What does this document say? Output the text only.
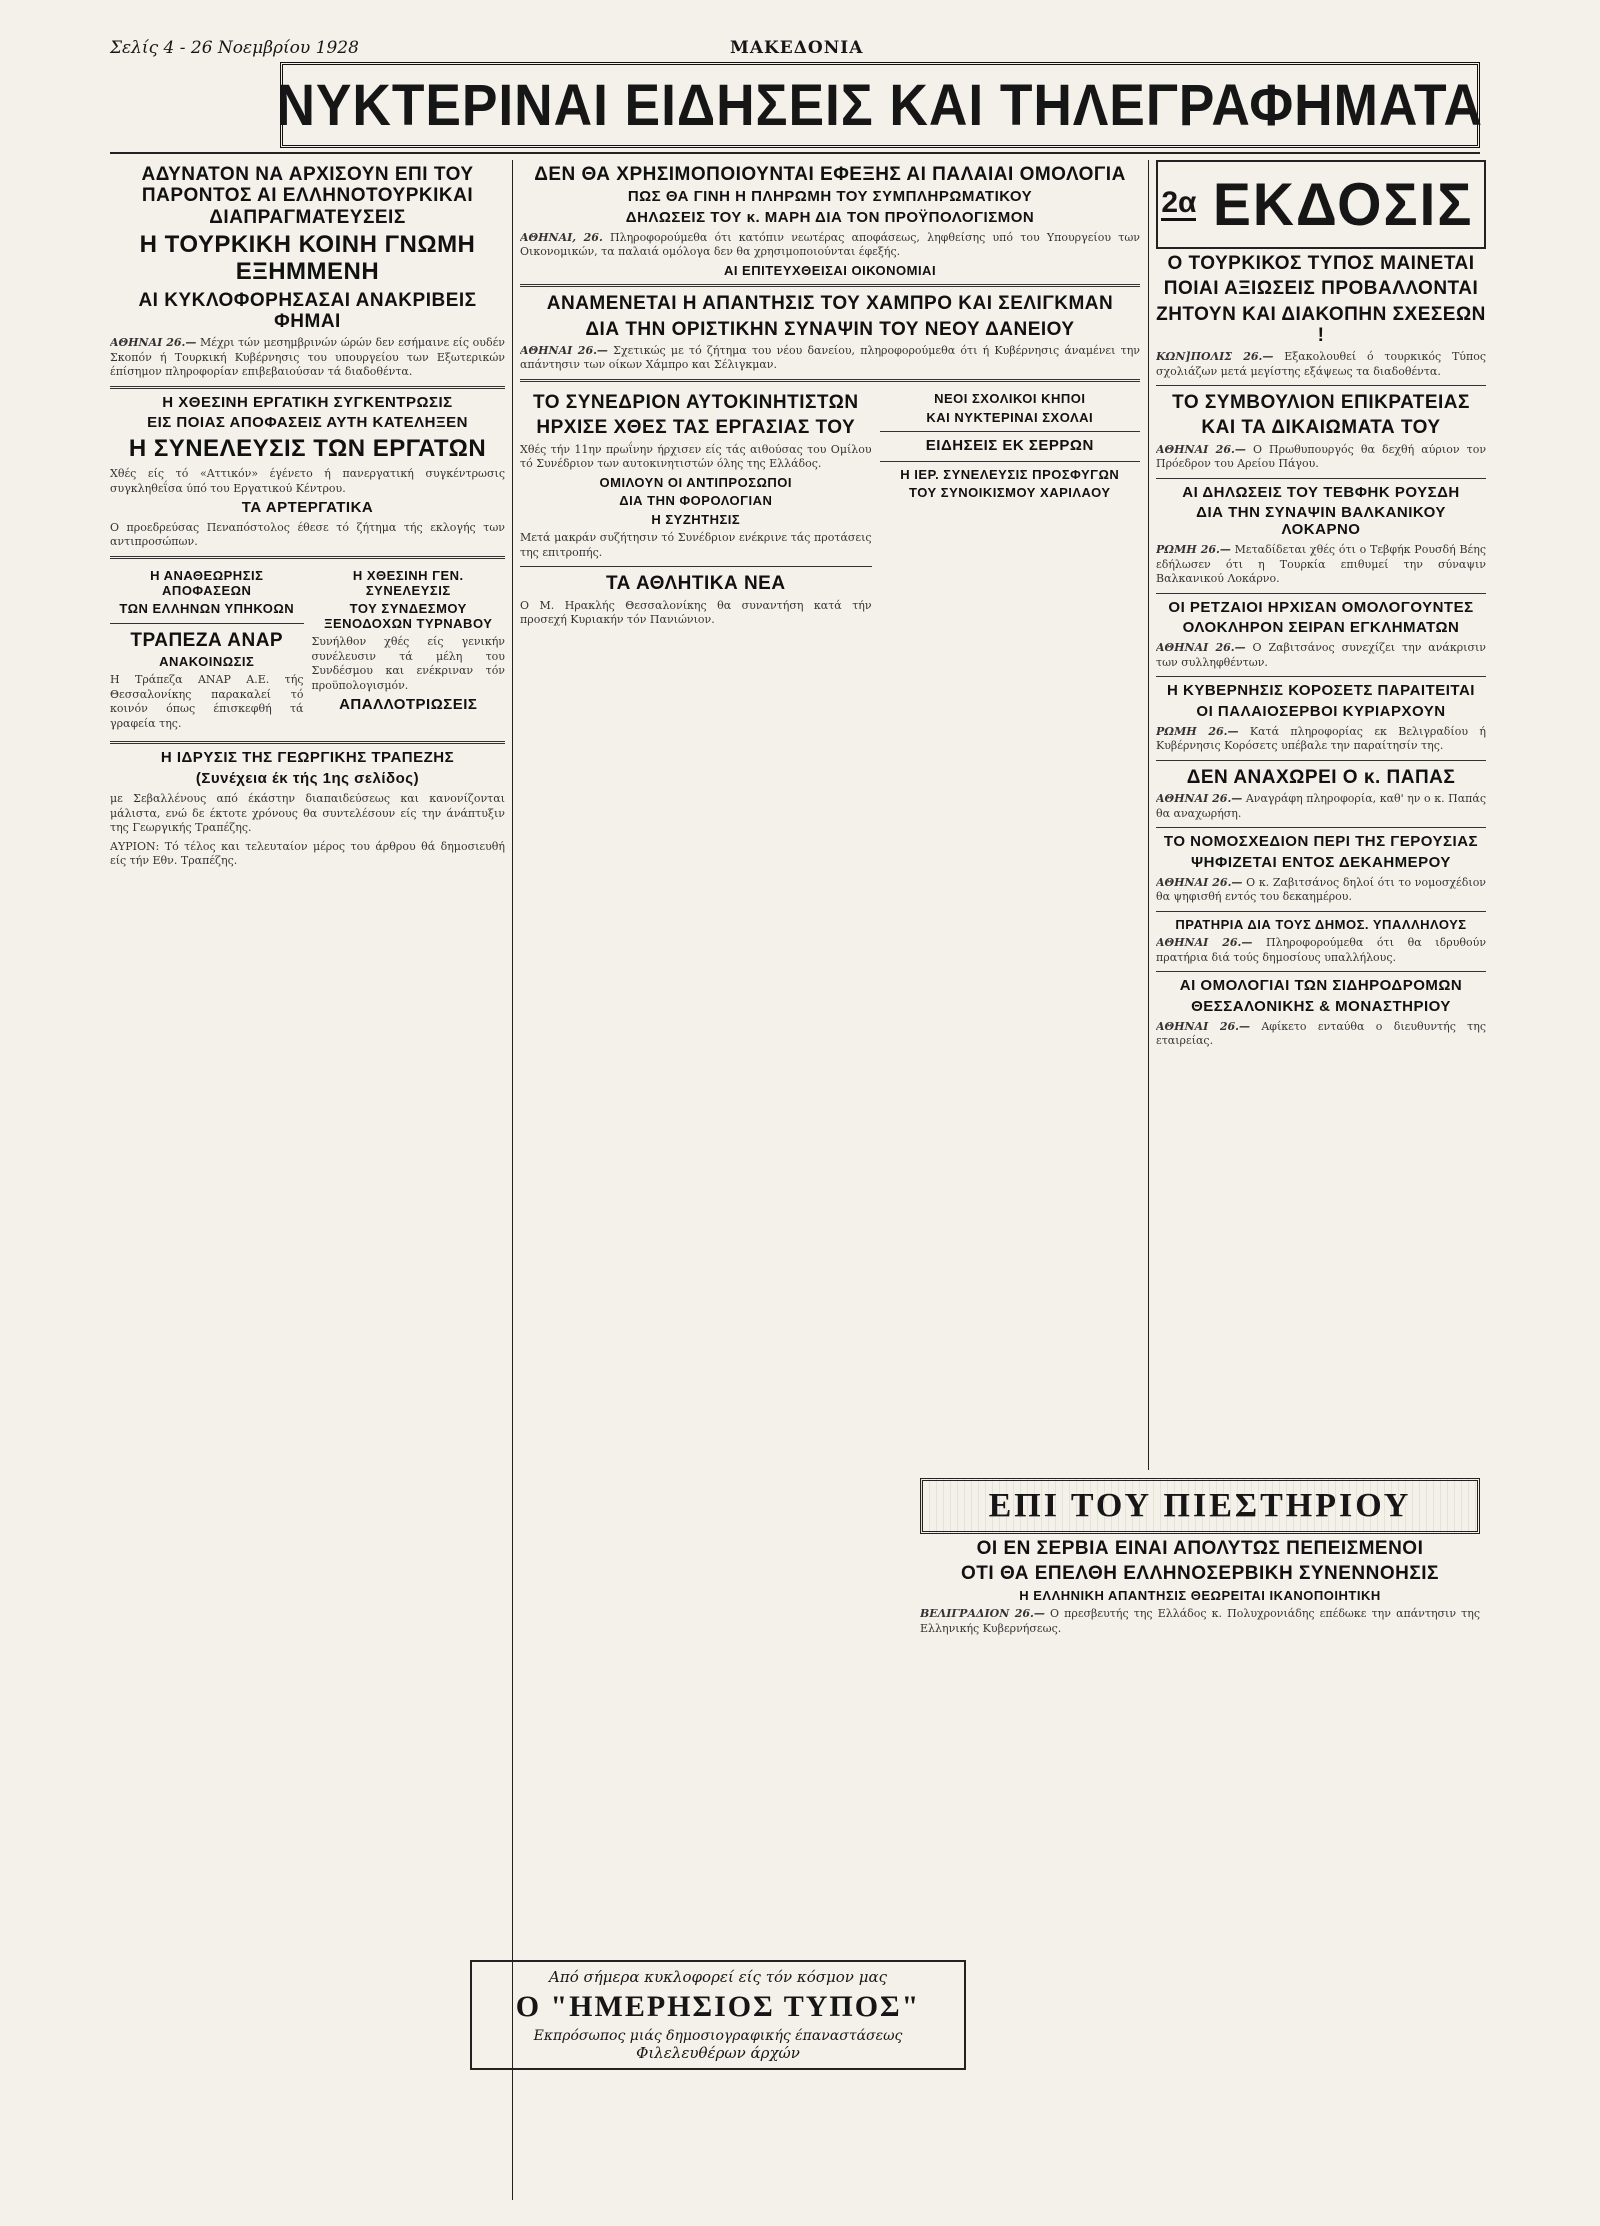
Σελίς 4 - 26 Νοεμβρίου 1928	ΜΑΚΕΔΟΝΙΑ
ΝΥΚΤΕΡΙΝΑΙ ΕΙΔΗΣΕΙΣ ΚΑΙ ΤΗΛΕΓΡΑΦΗΜΑΤΑ
ΑΔΥΝΑΤΟΝ ΝΑ ΑΡΧΙΣΟΥΝ ΕΠΙ ΤΟΥ ΠΑΡΟΝΤΟΣ ΑΙ ΕΛΛΗΝΟΤΟΥΡΚΙΚΑΙ ΔΙΑΠΡΑΓΜΑΤΕΥΣΕΙΣ
Η ΤΟΥΡΚΙΚΗ ΚΟΙΝΗ ΓΝΩΜΗ ΕΞΗΜΜΕΝΗ
ΑΙ ΚΥΚΛΟΦΟΡΗΣΑΣΑΙ ΑΝΑΚΡΙΒΕΙΣ ΦΗΜΑΙ

ΑΘΗΝΑΙ 26.— Μέχρι τών μεσημβρινών ώρών δεν εσήμαινε είς ουδέν Σκοπόν ή Τουρκική Κυβέρνησις του υπουργείου των Εξωτερικών έπίσημον πληροφορίαν επιβεβαιούσαν τά διαδοθέντα.

Η ΧΘΕΣΙΝΗ ΕΡΓΑΤΙΚΗ ΣΥΓΚΕΝΤΡΩΣΙΣ
ΕΙΣ ΠΟΙΑΣ ΑΠΟΦΑΣΕΙΣ ΑΥΤΗ ΚΑΤΕΛΗΞΕΝ
Η ΣΥΝΕΛΕΥΣΙΣ ΤΩΝ ΕΡΓΑΤΩΝ

Χθές είς τό «Αττικόν» έγένετο ή πανεργατική συγκέντρωσις συγκληθεΐσα ύπό του Εργατικού Κέντρου.

ΤΑ ΑΡΤΕΡΓΑΤΙΚΑ

Ο προεδρεύσας Πεναπόστολος έθεσε τό ζήτημα τής εκλογής των αντιπροσώπων.

Η ΑΝΑΘΕΩΡΗΣΙΣ ΑΠΟΦΑΣΕΩΝ
ΤΩΝ ΕΛΛΗΝΩΝ ΥΠΗΚΟΩΝ
ΤΡΑΠΕΖΑ ΑΝΑΡ
ΑΝΑΚΟΙΝΩΣΙΣ

Η Τράπεζα ΑΝΑΡ Α.Ε. τής Θεσσαλονίκης παρακαλεί τό κοινόν όπως έπισκεφθή τά γραφεία της.

Η ΧΘΕΣΙΝΗ ΓΕΝ. ΣΥΝΕΛΕΥΣΙΣ
ΤΟΥ ΣΥΝΔΕΣΜΟΥ ΞΕΝΟΔΟΧΩΝ ΤΥΡΝΑΒΟΥ

Συνήλθον χθές είς γενικήν συνέλευσιν τά μέλη του Συνδέσμου και ενέκριναν τόν προϋπολογισμόν.

ΑΠΑΛΛΟΤΡΙΩΣΕΙΣ
Η ΙΔΡΥΣΙΣ ΤΗΣ ΓΕΩΡΓΙΚΗΣ ΤΡΑΠΕΖΗΣ
(Συνέχεια έκ τής 1ης σελίδος)

με Σεβαλλένους από έκάστην διαπαιδεύσεως και κανονίζονται μάλιστα, ενώ δε έκτοτε χρόνους θα συντελέσουν είς την άνάπτυξιν της Γεωργικής Τραπέζης.

ΑΥΡΙΟΝ: Τό τέλος και τελευταίον μέρος του άρθρου θά δημοσιευθή είς τήν Εθν. Τραπέζης.

ΔΕΝ ΘΑ ΧΡΗΣΙΜΟΠΟΙΟΥΝΤΑΙ ΕΦΕΞΗΣ ΑΙ ΠΑΛΑΙΑΙ ΟΜΟΛΟΓΙΑ
ΠΩΣ ΘΑ ΓΙΝΗ Η ΠΛΗΡΩΜΗ ΤΟΥ ΣΥΜΠΛΗΡΩΜΑΤΙΚΟΥ
ΔΗΛΩΣΕΙΣ ΤΟΥ κ. ΜΑΡΗ ΔΙΑ ΤΟΝ ΠΡΟΫΠΟΛΟΓΙΣΜΟΝ

ΑΘΗΝΑΙ, 26. Πληροφορούμεθα ότι κατόπιν νεωτέρας αποφάσεως, ληφθείσης υπό του Υπουργείου των Οικονομικών, τα παλαιά ομόλογα δεν θα χρησιμοποιούνται έφεξής.

ΑΙ ΕΠΙΤΕΥΧΘΕΙΣΑΙ ΟΙΚΟΝΟΜΙΑΙ
ΑΝΑΜΕΝΕΤΑΙ Η ΑΠΑΝΤΗΣΙΣ ΤΟΥ ΧΑΜΠΡΟ ΚΑΙ ΣΕΛΙΓΚΜΑΝ
ΔΙΑ ΤΗΝ ΟΡΙΣΤΙΚΗΝ ΣΥΝΑΨΙΝ ΤΟΥ ΝΕΟΥ ΔΑΝΕΙΟΥ

ΑΘΗΝΑΙ 26.— Σχετικώς με τό ζήτημα του νέου δανείου, πληροφορούμεθα ότι ή Κυβέρνησις άναμένει την απάντησιν των οίκων Χάμπρο και Σέλιγκμαν.

ΤΟ ΣΥΝΕΔΡΙΟΝ ΑΥΤΟΚΙΝΗΤΙΣΤΩΝ
ΗΡΧΙΣΕ ΧΘΕΣ ΤΑΣ ΕΡΓΑΣΙΑΣ ΤΟΥ

Χθές τήν 11ην πρωΐνην ήρχισεν είς τάς αιθούσας του Ομίλου τό Συνέδριον των αυτοκινητιστών όλης της Ελλάδος.

ΟΜΙΛΟΥΝ ΟΙ ΑΝΤΙΠΡΟΣΩΠΟΙ
ΔΙΑ ΤΗΝ ΦΟΡΟΛΟΓΙΑΝ
Η ΣΥΖΗΤΗΣΙΣ

Μετά μακράν συζήτησιν τό Συνέδριον ενέκρινε τάς προτάσεις της επιτροπής.

ΤΑ ΑΘΛΗΤΙΚΑ ΝΕΑ

Ο Μ. Ηρακλής Θεσσαλονίκης θα συναντήση κατά τήν προσεχή Κυριακήν τόν Πανιώνιον.

ΝΕΟΙ ΣΧΟΛΙΚΟΙ ΚΗΠΟΙ
ΚΑΙ ΝΥΚΤΕΡΙΝΑΙ ΣΧΟΛΑΙ
ΕΙΔΗΣΕΙΣ ΕΚ ΣΕΡΡΩΝ
Η ΙΕΡ. ΣΥΝΕΛΕΥΣΙΣ ΠΡΟΣΦΥΓΩΝ
ΤΟΥ ΣΥΝΟΙΚΙΣΜΟΥ ΧΑΡΙΛΑΟΥ
Από σήμερα κυκλοφορεί είς τόν κόσμον μας
Ο "ΗΜΕΡΗΣΙΟΣ ΤΥΠΟΣ"
Εκπρόσωπος μιάς δημοσιογραφικής έπαναστάσεως
Φιλελευθέρων άρχών
2α ΕΚΔΟΣΙΣ
Ο ΤΟΥΡΚΙΚΟΣ ΤΥΠΟΣ ΜΑΙΝΕΤΑΙ
ΠΟΙΑΙ ΑΞΙΩΣΕΙΣ ΠΡΟΒΑΛΛΟΝΤΑΙ
ΖΗΤΟΥΝ ΚΑΙ ΔΙΑΚΟΠΗΝ ΣΧΕΣΕΩΝ !

ΚΩΝ]ΠΟΛΙΣ 26.— Εξακολουθεί ό τουρκικός Τύπος σχολιάζων μετά μεγίστης εξάψεως τα διαδοθέντα.

ΤΟ ΣΥΜΒΟΥΛΙΟΝ ΕΠΙΚΡΑΤΕΙΑΣ
ΚΑΙ ΤΑ ΔΙΚΑΙΩΜΑΤΑ ΤΟΥ

ΑΘΗΝΑΙ 26.— Ο Πρωθυπουργός θα δεχθή αύριον τον Πρόεδρον του Αρείου Πάγου.

ΑΙ ΔΗΛΩΣΕΙΣ ΤΟΥ ΤΕΒΦΗΚ ΡΟΥΣΔΗ
ΔΙΑ ΤΗΝ ΣΥΝΑΨΙΝ ΒΑΛΚΑΝΙΚΟΥ ΛΟΚΑΡΝΟ

ΡΩΜΗ 26.— Μεταδίδεται χθές ότι ο Τεβφήκ Ρουσδή Βέης εδήλωσεν ότι η Τουρκία επιθυμεί την σύναψιν Βαλκανικού Λοκάρνο.

ΟΙ ΡΕΤΖΑΙΟΙ ΗΡΧΙΣΑΝ ΟΜΟΛΟΓΟΥΝΤΕΣ
ΟΛΟΚΛΗΡΟΝ ΣΕΙΡΑΝ ΕΓΚΛΗΜΑΤΩΝ

ΑΘΗΝΑΙ 26.— Ο Ζαβιτσάνος συνεχίζει την ανάκρισιν των συλληφθέντων.

Η ΚΥΒΕΡΝΗΣΙΣ ΚΟΡΟΣΕΤΣ ΠΑΡΑΙΤΕΙΤΑΙ
ΟΙ ΠΑΛΑΙΟΣΕΡΒΟΙ ΚΥΡΙΑΡΧΟΥΝ

ΡΩΜΗ 26.— Κατά πληροφορίας εκ Βελιγραδίου ή Κυβέρνησις Κορόσετς υπέβαλε την παραίτησίν της.

ΔΕΝ ΑΝΑΧΩΡΕΙ Ο κ. ΠΑΠΑΣ

ΑΘΗΝΑΙ 26.— Αναγράφη πληροφορία, καθ' ην ο κ. Παπάς θα αναχωρήση.

ΤΟ ΝΟΜΟΣΧΕΔΙΟΝ ΠΕΡΙ ΤΗΣ ΓΕΡΟΥΣΙΑΣ
ΨΗΦΙΖΕΤΑΙ ΕΝΤΟΣ ΔΕΚΑΗΜΕΡΟΥ

ΑΘΗΝΑΙ 26.— Ο κ. Ζαβιτσάνος δηλοί ότι το νομοσχέδιον θα ψηφισθή εντός του δεκαημέρου.

ΠΡΑΤΗΡΙΑ ΔΙΑ ΤΟΥΣ ΔΗΜΟΣ. ΥΠΑΛΛΗΛΟΥΣ

ΑΘΗΝΑΙ 26.— Πληροφορούμεθα ότι θα ιδρυθούν πρατήρια διά τούς δημοσίους υπαλλήλους.

ΑΙ ΟΜΟΛΟΓΙΑΙ ΤΩΝ ΣΙΔΗΡΟΔΡΟΜΩΝ
ΘΕΣΣΑΛΟΝΙΚΗΣ & ΜΟΝΑΣΤΗΡΙΟΥ

ΑΘΗΝΑΙ 26.— Αφίκετο ενταύθα ο διευθυντής της εταιρείας.

ΕΠΙ ΤΟΥ ΠΙΕΣΤΗΡΙΟΥ
ΟΙ ΕΝ ΣΕΡΒΙΑ ΕΙΝΑΙ ΑΠΟΛΥΤΩΣ ΠΕΠΕΙΣΜΕΝΟΙ
ΟΤΙ ΘΑ ΕΠΕΛΘΗ ΕΛΛΗΝΟΣΕΡΒΙΚΗ ΣΥΝΕΝΝΟΗΣΙΣ
Η ΕΛΛΗΝΙΚΗ ΑΠΑΝΤΗΣΙΣ ΘΕΩΡΕΙΤΑΙ ΙΚΑΝΟΠΟΙΗΤΙΚΗ

ΒΕΛΙΓΡΑΔΙΟΝ 26.— Ο πρεσβευτής της Ελλάδος κ. Πολυχρονιάδης επέδωκε την απάντησιν της Ελληνικής Κυβερνήσεως.
